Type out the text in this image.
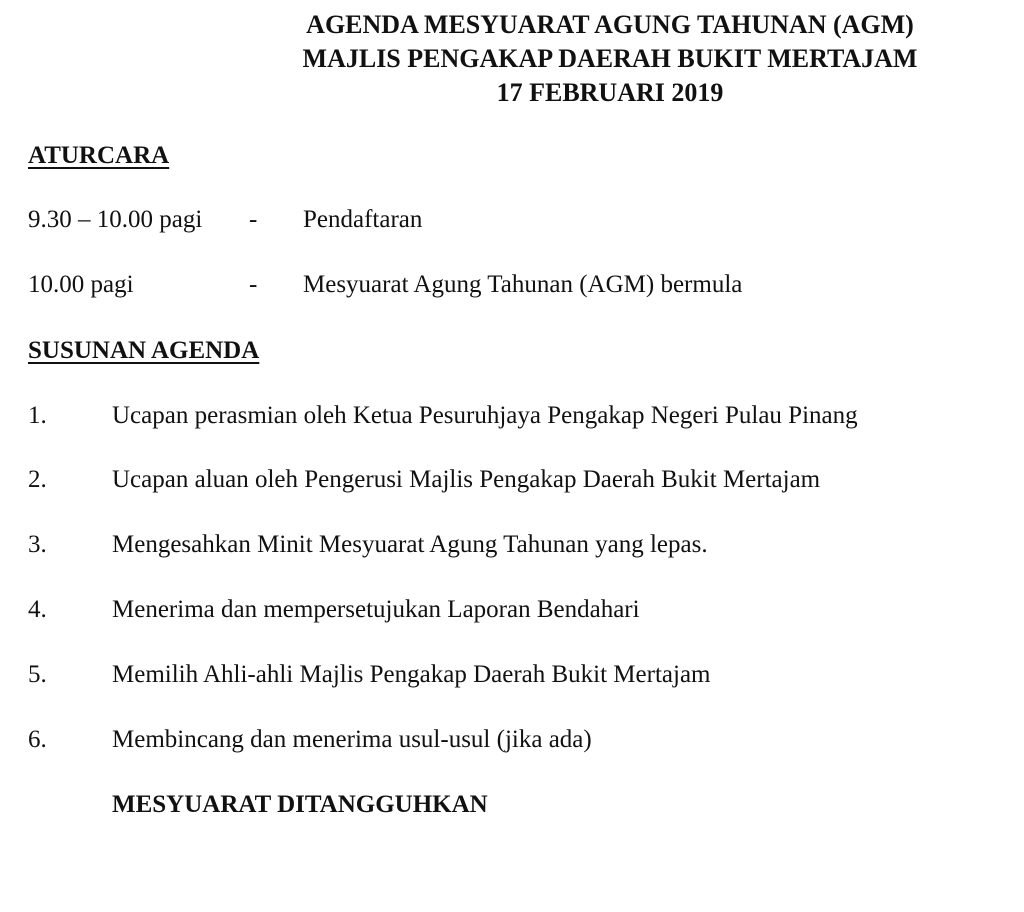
AGENDA MESYUARAT AGUNG TAHUNAN (AGM)
MAJLIS PENGAKAP DAERAH BUKIT MERTAJAM
17 FEBRUARI 2019
ATURCARA
9.30 – 10.00 pagi - Pendaftaran
10.00 pagi	- Mesyuarat Agung Tahunan (AGM) bermula
SUSUNAN AGENDA
1.	Ucapan perasmian oleh Ketua Pesuruhjaya Pengakap Negeri Pulau Pinang
2.	Ucapan aluan oleh Pengerusi Majlis Pengakap Daerah Bukit Mertajam
3.	Mengesahkan Minit Mesyuarat Agung Tahunan yang lepas.
4.	Menerima dan mempersetujukan Laporan Bendahari
5.	Memilih Ahli-ahli Majlis Pengakap Daerah Bukit Mertajam
6.	Membincang dan menerima usul-usul (jika ada)
MESYUARAT DITANGGUHKAN
